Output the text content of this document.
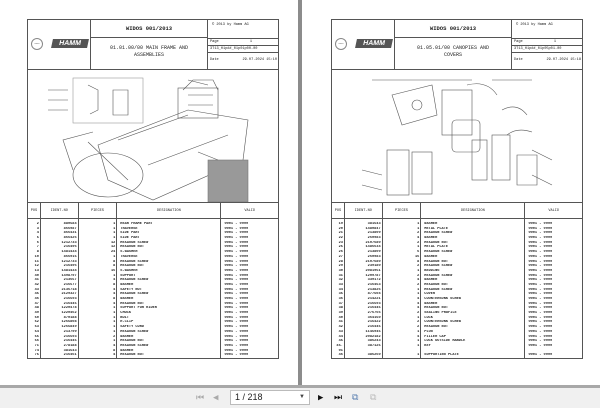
HAMM	HAMM
WIDOS 001/2013
01.01.00/00 MAIN FRAME AND
ASSEMBLIES
© 2013 by Hamm AG
Page	1
3T13_H1p##_01p01p00-00
Date	29.07.2024 15:10
POS	IDENT-NO	PIECES	DESIGNATION	VALID
2	880584	1	REAR FRAME PART	0001 - 9999
3	866987	1	TRAVERSE	0001 - 9999
4	866431	1	SIDE PART	0001 - 9999
5	866426	1	SIDE PART	0001 - 9999
6	1212733	12	HEXAGON SCREW	0001 - 9999
7	216496	12	HEXAGON NUT	0001 - 9999
8	1481434	24	S-WASHER	0001 - 9999
10	866915	1	TRAVERSE	0001 - 9999
11	1212733	8	HEXAGON SCREW	0001 - 9999
12	216496	8	HEXAGON NUT	0001 - 9999
13	1481434	16	S-WASHER	0001 - 9999
40	1498797	1	SUPPORT	0001 - 9999
41	213657	4	HEXAGON SCREW	0001 - 9999
42	216577	8	WASHER	0001 - 9999
43	2136718	4	SAFETY NUT	0001 - 9999
45	2129327	4	HEXAGON SCREW	0001 - 9999
46	216593	8	WASHER	0001 - 9999
47	216445	4	HEXAGON NUT	0001 - 9999
48	1220478	1	SUPPORT FOR RIDER	0001 - 9999
49	1220462	1	CHOCK	0001 - 9999
50	870188	1	BOLT	0001 - 9999
52	1265808	1	R-CLIP	0001 - 9999
53	1265849	1	SAFETY CORD	0001 - 9999
54	213799	1	HEXAGON SCREW	0001 - 9999
55	216593	2	WASHER	0001 - 9999
56	216445	1	HEXAGON NUT	0001 - 9999
71	278188	4	HEXAGON SCREW	0001 - 9999
74	381543	8	WASHER	0001 - 9999
75	216461	4	HEXAGON NUT	0001 - 9999
HAMM	HAMM
WIDOS 001/2013
01.05.01/00 CANOPIES AND
COVERS
© 2013 by Hamm AG
Page	1
3T13_H1p##_01p05p01-00
Date	29.07.2024 15:18
POS	IDENT-NO	PIECES	DESIGNATION	VALID
19	381543	1	WASHER	0001 - 9999
20	1480847	1	METAL PLATE	0001 - 9999
21	213809	2	HEXAGON SCREW	0001 - 9999
22	260983	4	WASHER	0001 - 9999
23	2107680	2	HEXAGON NUT	0001 - 9999
25	1486634	1	METAL PLATE	0001 - 9999
26	213809	6	HEXAGON SCREW	0001 - 9999
27	260983	16	WASHER	0001 - 9999
28	2107680	8	HEXAGON NUT	0001 - 9999
29	239180	2	HEXAGON SCREW	0001 - 9999
30	2081951	1	BEDDING	0001 - 9999
31	1209787	2	HEXAGON SCREW	0001 - 9999
32	339172	4	WASHER	0001 - 9999
33	216453	2	HEXAGON NUT	0001 - 9999
34	213826	1	HEXAGON SCREW	0001 - 9999
35	877504	1	COVER	0001 - 9999
36	214221	4	COUNTERSUNK SCREW	0001 - 9999
37	216593	4	WASHER	0001 - 9999
38	216445	4	HEXAGON NUT	0001 - 9999
39	276766	2	SEALING PROFILE	0001 - 9999
40	364150	1	LOCK	0001 - 9999
41	215422	2	COUNTERSUNK SCREW	0001 - 9999
42	216445	2	HEXAGON NUT	0001 - 9999
43	1145945	1	PLUG	0001 - 9999
44	2082182	4	FILLER CAP	0001 - 9999
45	386243	1	LOCK OUTSIDE HANDLE	0001 - 9999
45.	387125	1	KEY	0001 - 9999
01
46	386260	1	SUPPORTING PLATE	0001 - 9999
⏮ ◀	1 / 218	▼ ▶ ⏭ ⧉ ⧉
